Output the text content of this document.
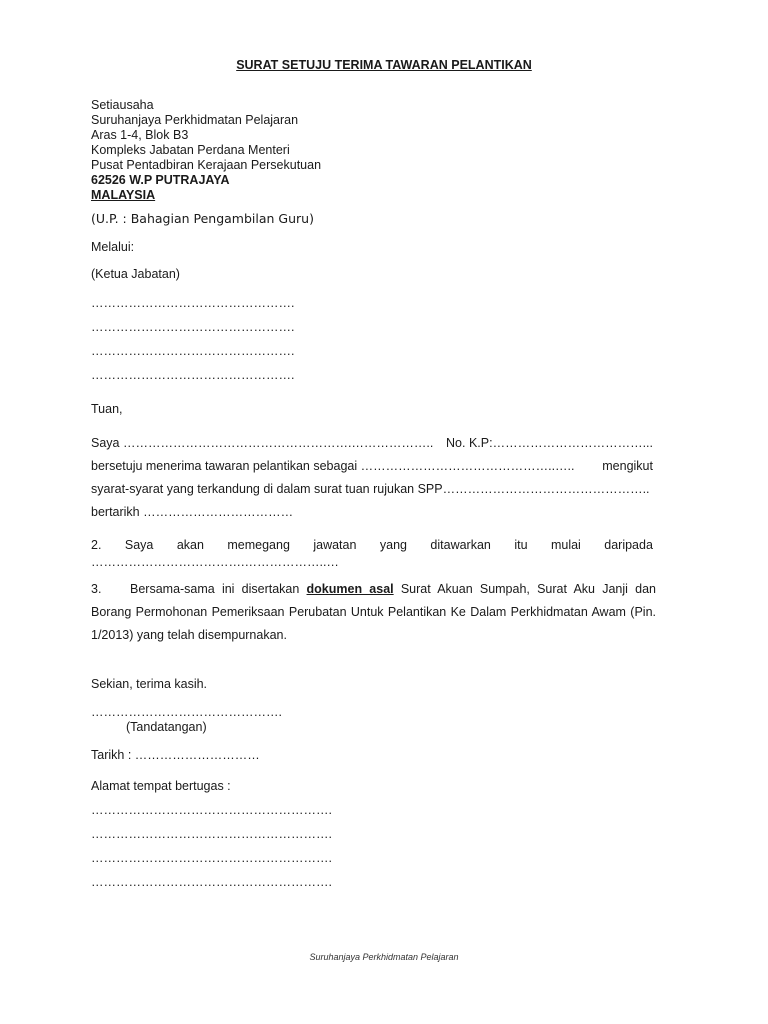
SURAT SETUJU TERIMA TAWARAN PELANTIKAN
Setiausaha
Suruhanjaya Perkhidmatan Pelajaran
Aras 1-4, Blok B3
Kompleks Jabatan Perdana Menteri
Pusat Pentadbiran Kerajaan Persekutuan
62526 W.P PUTRAJAYA
MALAYSIA
(U.P. : Bahagian Pengambilan Guru)
Melalui:
(Ketua Jabatan)
………………………………………….
………………………………………….
………………………………………….
………………………………………….
Tuan,
Saya ……………………………………………….……………….. No. K.P:………………………………...
bersetuju menerima tawaran pelantikan sebagai ………………………………………..….. mengikut
syarat-syarat yang terkandung di dalam surat tuan rujukan SPP…………………………………………..
bertarikh ………………………………
2. Saya akan memegang jawatan yang ditawarkan itu mulai daripada
……………………………….………………..…
3. Bersama-sama ini disertakan dokumen asal Surat Akuan Sumpah, Surat Aku Janji dan Borang Permohonan Pemeriksaan Perubatan Untuk Pelantikan Ke Dalam Perkhidmatan Awam (Pin. 1/2013) yang telah disempurnakan.
Sekian, terima kasih.
……………………………………….
(Tandatangan)
Tarikh : …………………………
Alamat tempat bertugas :
………………………………………………….
………………………………………………….
………………………………………………….
………………………………………………….
Suruhanjaya Perkhidmatan Pelajaran
